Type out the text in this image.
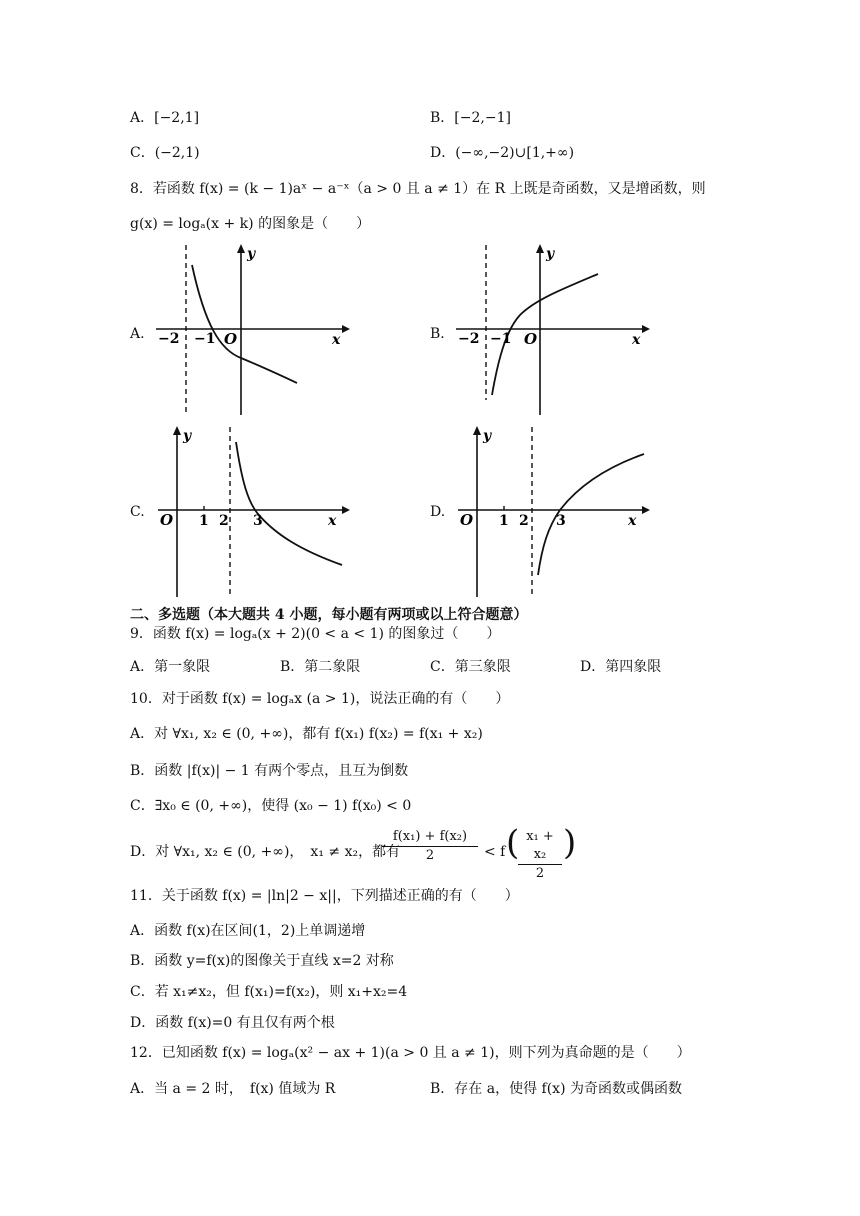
A．[−2,1]	B．[−2,−1]
C．(−2,1)	D．(−∞,−2)∪[1,+∞)
8．若函数 f(x) = (k − 1)aˣ − a⁻ˣ（a > 0 且 a ≠ 1）在 R 上既是奇函数，又是增函数，则
g(x) = logₐ(x + k) 的图象是（　　）
A. −2 −1 O	x
y
B. −2 −1 O	x
y
C. O 1 2 3	x
y
D. O 1 2 3	x
y
二、多选题（本大题共 4 小题，每小题有两项或以上符合题意）
9．函数 f(x) = logₐ(x + 2)(0 < a < 1) 的图象过（　　）
A．第一象限	B．第二象限	C．第三象限	D．第四象限
10．对于函数 f(x) = logₐx (a > 1)，说法正确的有（　　）
A．对 ∀x₁, x₂ ∈ (0, +∞)，都有 f(x₁) f(x₂) = f(x₁ + x₂)
B．函数 |f(x)| − 1 有两个零点，且互为倒数
C．∃x₀ ∈ (0, +∞)，使得 (x₀ − 1) f(x₀) < 0
D．对 ∀x₁, x₂ ∈ (0, +∞)，　x₁ ≠ x₂，都有
$\frac{\text{f(x₁) + f(x₂)}}{2} < f$ ( x₁ + x₂
2
)
11．关于函数 f(x) = |ln|2 − x||，下列描述正确的有（　　）
A．函数 f(x)在区间(1，2)上单调递增
B．函数 y=f(x)的图像关于直线 x=2 对称
C．若 x₁≠x₂，但 f(x₁)=f(x₂)，则 x₁+x₂=4
D．函数 f(x)=0 有且仅有两个根
12．已知函数 f(x) = logₐ(x² − ax + 1)(a > 0 且 a ≠ 1)，则下列为真命题的是（　　）
A．当 a = 2 时，　f(x) 值域为 R	B．存在 a，使得 f(x) 为奇函数或偶函数
